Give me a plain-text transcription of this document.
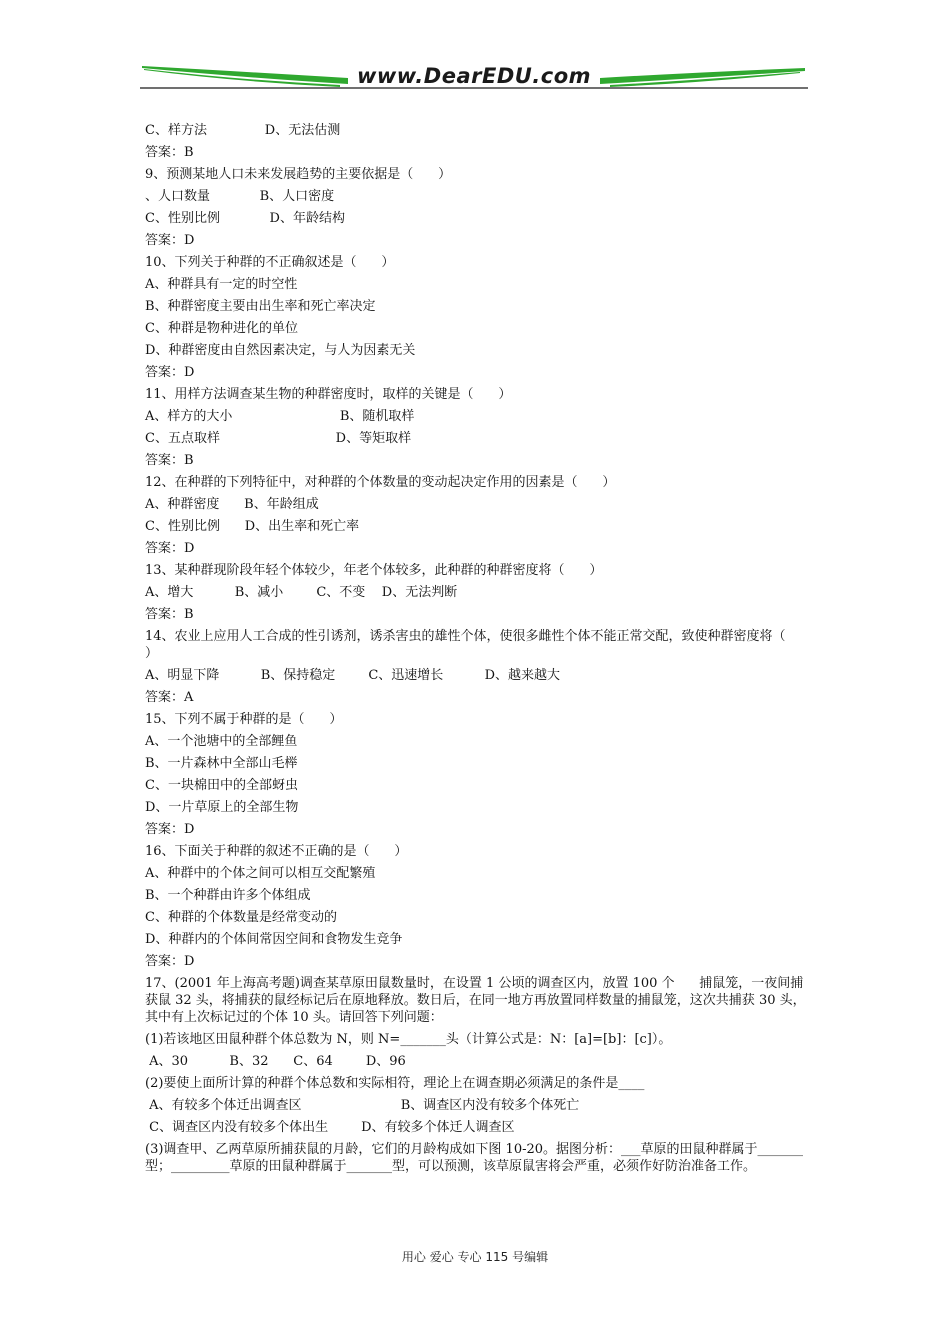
www.DearEDU.com
C、样方法              D、无法估测
答案：B
9、预测某地人口未来发展趋势的主要依据是（      ）
、人口数量            B、人口密度
C、性别比例            D、年龄结构
答案：D
10、下列关于种群的不正确叙述是（      ）
A、种群具有一定的时空性
B、种群密度主要由出生率和死亡率决定
C、种群是物种进化的单位
D、种群密度由自然因素决定，与人为因素无关
答案：D
11、用样方法调查某生物的种群密度时，取样的关键是（      ）
A、样方的大小                          B、随机取样
C、五点取样                            D、等矩取样
答案：B
12、在种群的下列特征中，对种群的个体数量的变动起决定作用的因素是（      ）
A、种群密度      B、年龄组成
C、性别比例      D、出生率和死亡率
答案：D
13、某种群现阶段年轻个体较少，年老个体较多，此种群的种群密度将（      ）
A、增大          B、减小        C、不变    D、无法判断
答案：B
14、农业上应用人工合成的性引诱剂，诱杀害虫的雄性个体，使很多雌性个体不能正常交配，致使种群密度将（        ）
A、明显下降          B、保持稳定        C、迅速增长          D、越来越大
答案：A
15、下列不属于种群的是（      ）
A、一个池塘中的全部鲤鱼
B、一片森林中全部山毛榉
C、一块棉田中的全部蚜虫
D、一片草原上的全部生物
答案：D
16、下面关于种群的叙述不正确的是（      ）
A、种群中的个体之间可以相互交配繁殖
B、一个种群由许多个体组成
C、种群的个体数量是经常变动的
D、种群内的个体间常因空间和食物发生竞争
答案：D
17、(2001 年上海高考题)调查某草原田鼠数量时，在设置 1 公顷的调查区内，放置 100 个      捕鼠笼，一夜间捕获鼠 32 头，将捕获的鼠经标记后在原地释放。数日后，在同一地方再放置同样数量的捕鼠笼，这次共捕获 30 头，其中有上次标记过的个体 10 头。请回答下列问题：
(1)若该地区田鼠种群个体总数为 N，则 N=_______头（计算公式是：N：[a]=[b]：[c]）。
A、30          B、32      C、64        D、96
(2)要使上面所计算的种群个体总数和实际相符，理论上在调查期必须满足的条件是____
A、有较多个体迁出调查区                        B、调查区内没有较多个体死亡
C、调查区内没有较多个体出生        D、有较多个体迁人调查区
(3)调查甲、乙两草原所捕获鼠的月龄，它们的月龄构成如下图 10-20。据图分析：___草原的田鼠种群属于_______型；_________草原的田鼠种群属于_______型，可以预测，该草原鼠害将会严重，必须作好防治准备工作。
用心 爱心 专心 115 号编辑
